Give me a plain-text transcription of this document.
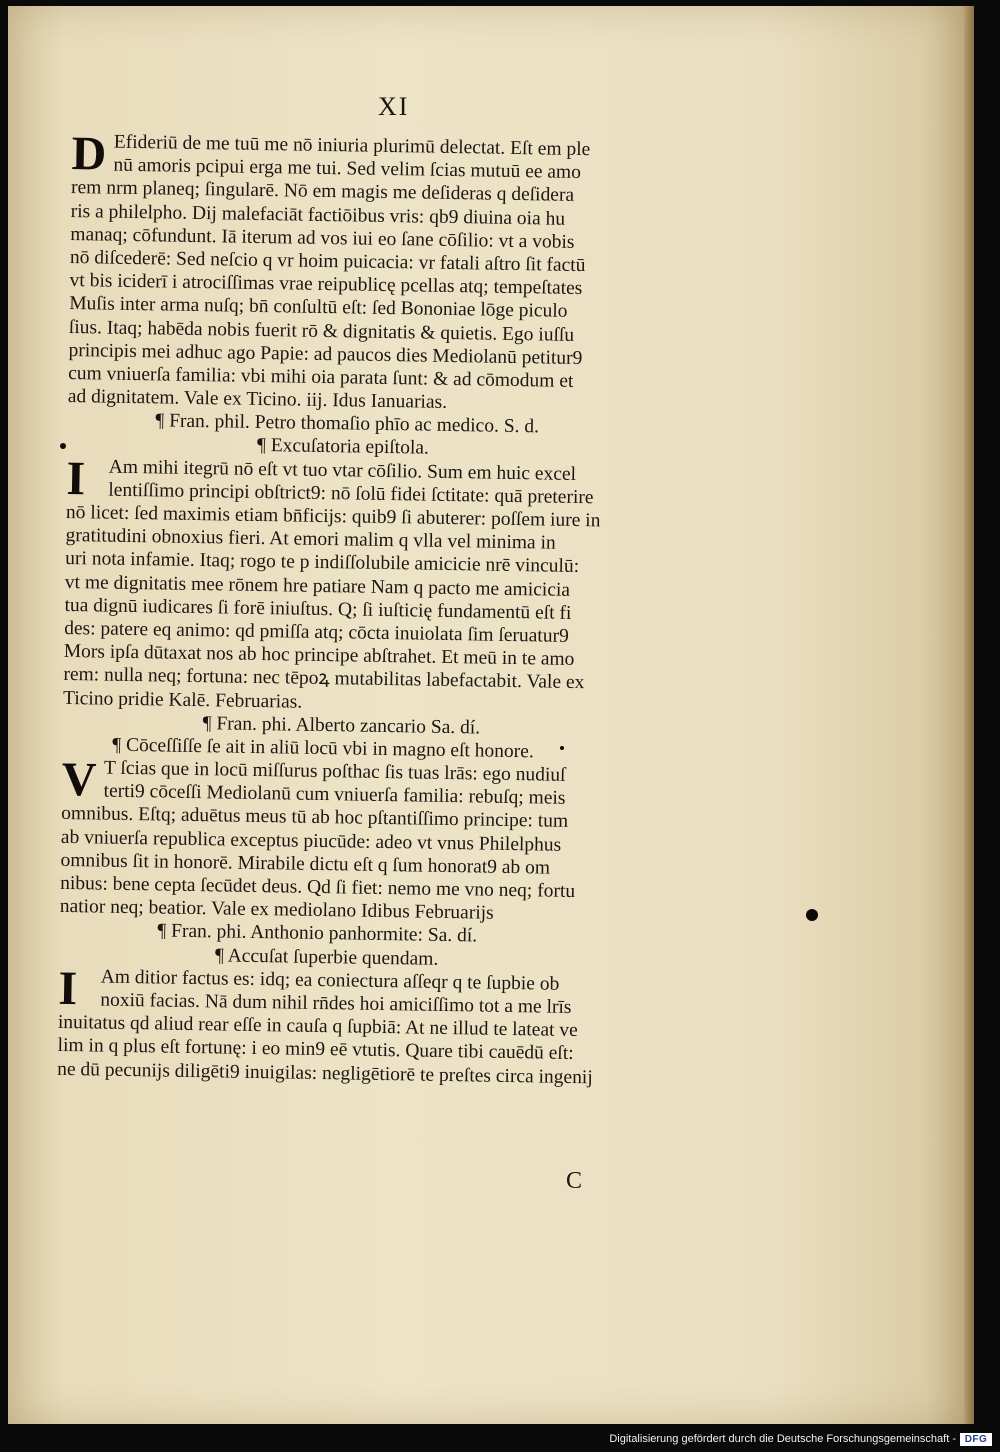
XI
D Efideriū de me tuū me nō iniuria plurimū delectat. Eſt em ple
nū amoris pcipui erga me tui. Sed velim ſcias mutuū ee amo
rem nrm planeq; ſingularē. Nō em magis me deſideras q deſidera
ris a philelpho. Dij malefaciāt factiōibus vris: qb9 diuina oia hu
manaq; cōfundunt. Iā iterum ad vos iui eo ſane cōſilio: vt a vobis
nō diſcederē: Sed neſcio q vr hoim puicacia: vr fatali aſtro ſit factū
vt bis iciderī i atrociſſimas vrae reipublicę pcellas atq; tempeſtates
Muſis inter arma nuſq; bn̄ conſultū eſt: ſed Bononiae lōge piculo
ſius. Itaq; habēda nobis fuerit rō & dignitatis & quietis. Ego iuſſu
principis mei adhuc ago Papie: ad paucos dies Mediolanū petitur9
cum vniuerſa familia: vbi mihi oia parata ſunt: & ad cōmodum et
ad dignitatem. Vale ex Ticino. iij. Idus Ianuarias.
¶ Fran. phil. Petro thomaſio phīo ac medico. S. d.
¶ Excuſatoria epiſtola.
I	Am mihi itegrū nō eſt vt tuo vtar cōſilio. Sum em huic excel
lentiſſimo principi obſtrict9: nō ſolū fidei ſctitate: quā preterire
nō licet: ſed maximis etiam bn̄ficijs: quib9 ſi abuterer: poſſem iure in
gratitudini obnoxius fieri. At emori malim q vlla vel minima in
uri nota infamie. Itaq; rogo te p indiſſolubile amicicie nrē vinculū:
vt me dignitatis mee rōnem hre patiare Nam q pacto me amicicia
tua dignū iudicares ſi forē iniuſtus. Q; ſi iuſticię fundamentū eſt fi
des: patere eq animo: qd pmiſſa atq; cōcta inuiolata ſim ſeruatur9
Mors ipſa dūtaxat nos ab hoc principe abſtrahet. Et meū in te amo
rem: nulla neq; fortuna: nec tēpoꝝ mutabilitas labefactabit. Vale ex
Ticino pridie Kalē. Februarias.
¶ Fran. phi. Alberto zancario Sa. dí.
¶ Cōceſſiſſe ſe ait in aliū locū vbi in magno eſt honore.
V T ſcias que in locū miſſurus poſthac ſis tuas lrās: ego nudiuſ
terti9 cōceſſi Mediolanū cum vniuerſa familia: rebuſq; meis
omnibus. Eſtq; aduētus meus tū ab hoc pſtantiſſimo principe: tum
ab vniuerſa republica exceptus piucūde: adeo vt vnus Philelphus
omnibus ſit in honorē. Mirabile dictu eſt q ſum honorat9 ab om
nibus: bene cepta ſecūdet deus. Qd ſi fiet: nemo me vno neq; fortu
natior neq; beatior. Vale ex mediolano Idibus Februarijs
¶ Fran. phi. Anthonio panhormite: Sa. dí.
¶ Accuſat ſuperbie quendam.
I	Am ditior factus es: idq; ea coniectura aſſeqr q te ſupbie ob
noxiū facias. Nā dum nihil rn̄des hoi amiciſſimo tot a me lrīs
inuitatus qd aliud rear eſſe in cauſa q ſupbiā: At ne illud te lateat ve
lim in q plus eſt fortunę: i eo min9 eē vtutis. Quare tibi cauēdū eſt:
ne dū pecunijs diligēti9 inuigilas: negligētiorē te preſtes circa ingenij
C
Digitalisierung gefördert durch die Deutsche Forschungsgemeinschaft - DFG
